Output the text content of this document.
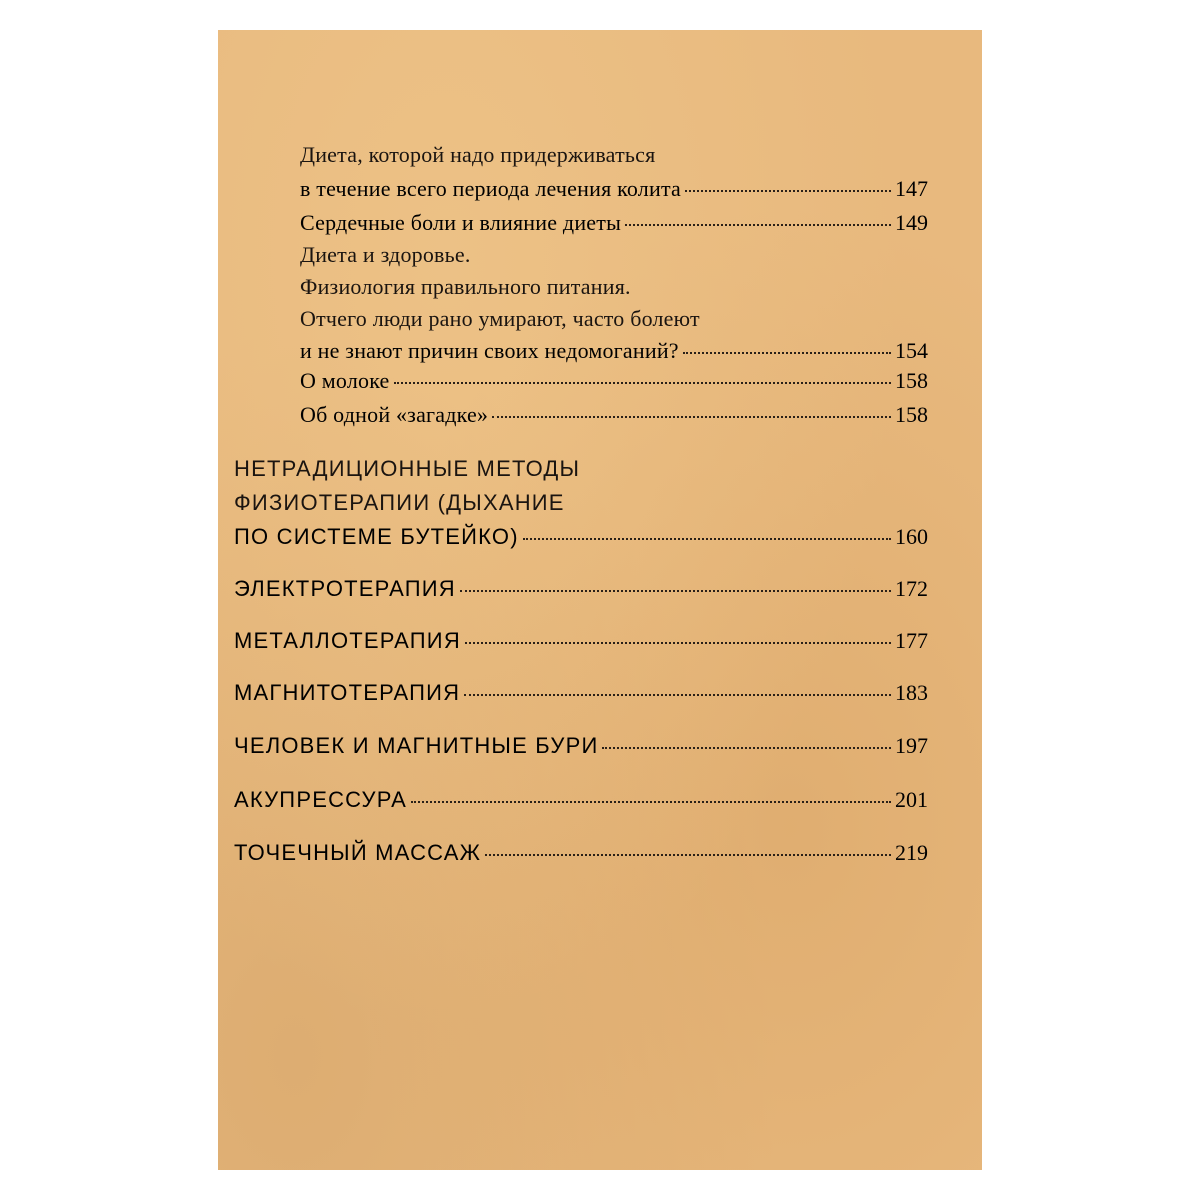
Диета, которой надо придерживаться
в течение всего периода лечения колита	147
Сердечные боли и влияние диеты	149
Диета и здоровье.
Физиология правильного питания.
Отчего люди рано умирают, часто болеют
и не знают причин своих недомоганий?	154
О молоке	158
Об одной «загадке»	158
НЕТРАДИЦИОННЫЕ МЕТОДЫ
ФИЗИОТЕРАПИИ (ДЫХАНИЕ
ПО СИСТЕМЕ БУТЕЙКО)	160
ЭЛЕКТРОТЕРАПИЯ	172
МЕТАЛЛОТЕРАПИЯ	177
МАГНИТОТЕРАПИЯ	183
ЧЕЛОВЕК И МАГНИТНЫЕ БУРИ	197
АКУПРЕССУРА	201
ТОЧЕЧНЫЙ МАССАЖ	219
